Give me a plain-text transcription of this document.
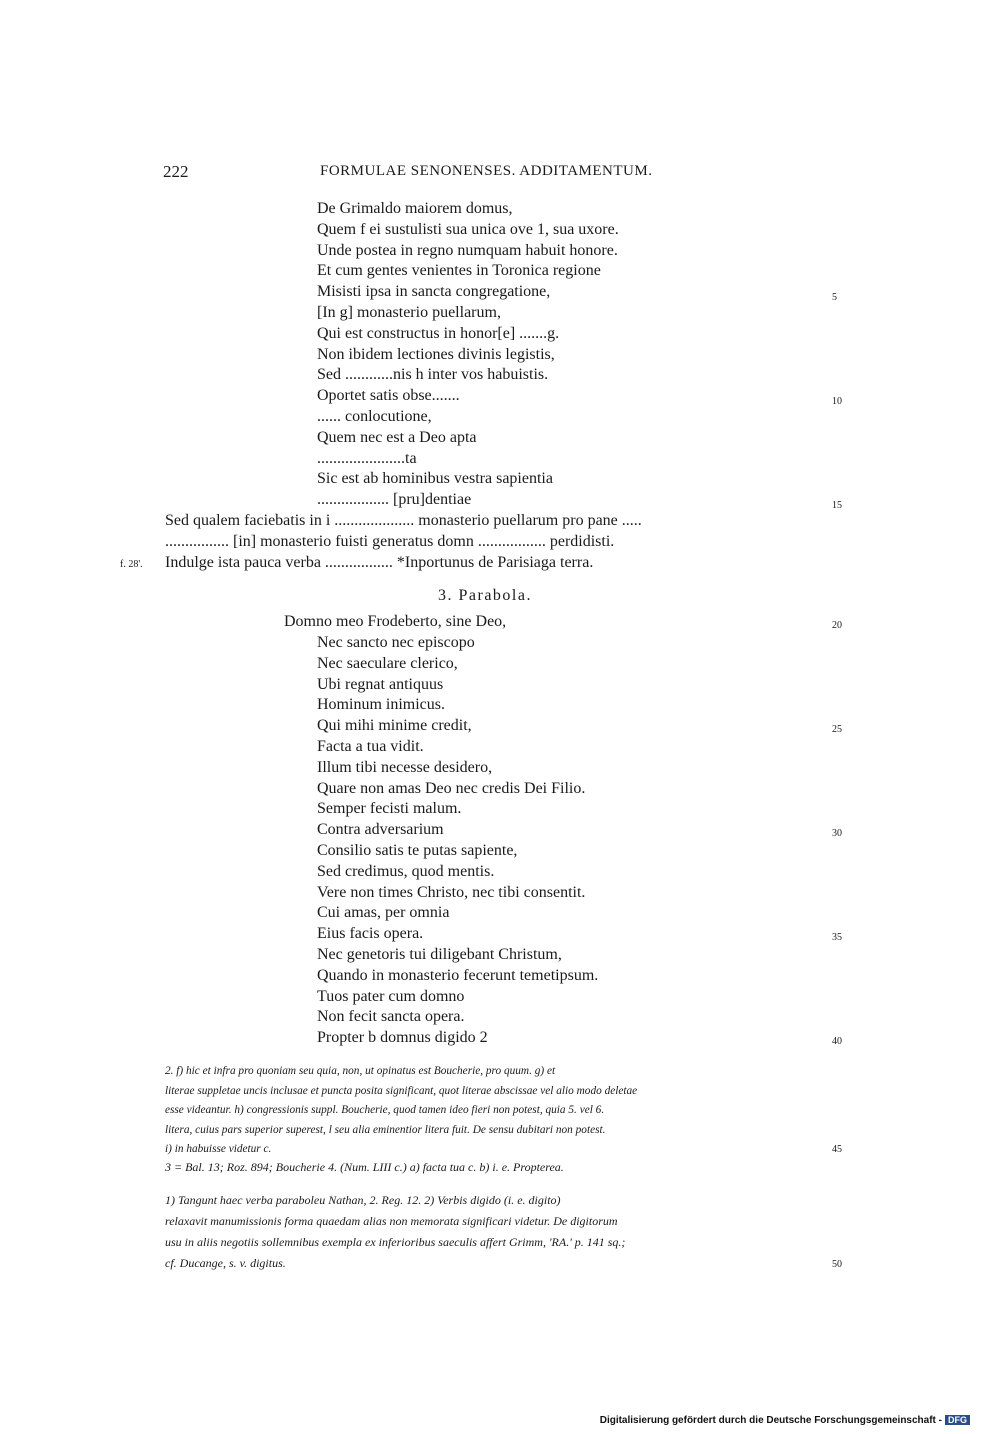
222	FORMULAE SENONENSES. ADDITAMENTUM.
De Grimaldo maiorem domus,
Quem f ei sustulisti sua unica ove 1, sua uxore.
Unde postea in regno numquam habuit honore.
Et cum gentes venientes in Toronica regione
Misisti ipsa in sancta congregatione,
[In g] monasterio puellarum,
Qui est constructus in honor[e] .......g.
Non ibidem lectiones divinis legistis,
Sed ............nis h inter vos habuistis.
Oportet satis obse.......
...... conlocutione,
Quem nec est a Deo apta
......................ta
Sic est ab hominibus vestra sapientia
.................. [pru]dentiae
5
10
15
Sed qualem faciebatis in i .................... monasterio puellarum pro pane .....
................ [in] monasterio fuisti generatus domn ................. perdidisti.
f. 28'. Indulge ista pauca verba ................. *Inportunus de Parisiaga terra.
3. Parabola.
Domno meo Frodeberto, sine Deo,
Nec sancto nec episcopo
Nec saeculare clerico,
Ubi regnat antiquus
Hominum inimicus.
Qui mihi minime credit,
Facta a tua vidit.
Illum tibi necesse desidero,
Quare non amas Deo nec credis Dei Filio.
Semper fecisti malum.
Contra adversarium
Consilio satis te putas sapiente,
Sed credimus, quod mentis.
Vere non times Christo, nec tibi consentit.
Cui amas, per omnia
Eius facis opera.
Nec genetoris tui diligebant Christum,
Quando in monasterio fecerunt temetipsum.
Tuos pater cum domno
Non fecit sancta opera.
Propter b domnus digido 2
20
25
30
35
40
2. f) hic et infra pro quoniam seu quia, non, ut opinatus est Boucherie, pro quum. g) et
literae suppletae uncis inclusae et puncta posita significant, quot literae abscissae vel alio modo deletae
esse videantur. h) congressionis suppl. Boucherie, quod tamen ideo fieri non potest, quia 5. vel 6.
litera, cuius pars superior superest, l seu alia eminentior litera fuit. De sensu dubitari non potest.
i) in habuisse videtur c.	45
3 = Bal. 13; Roz. 894; Boucherie 4. (Num. LIII c.) a) facta tua c. b) i. e. Propterea.
1) Tangunt haec verba paraboleu Nathan, 2. Reg. 12. 2) Verbis digido (i. e. digito)
relaxavit manumissionis forma quaedam alias non memorata significari videtur. De digitorum
usu in aliis negotiis sollemnibus exempla ex inferioribus saeculis affert Grimm, 'RA.' p. 141 sq.;
cf. Ducange, s. v. digitus.	50
Digitalisierung gefördert durch die Deutsche Forschungsgemeinschaft - DFG
